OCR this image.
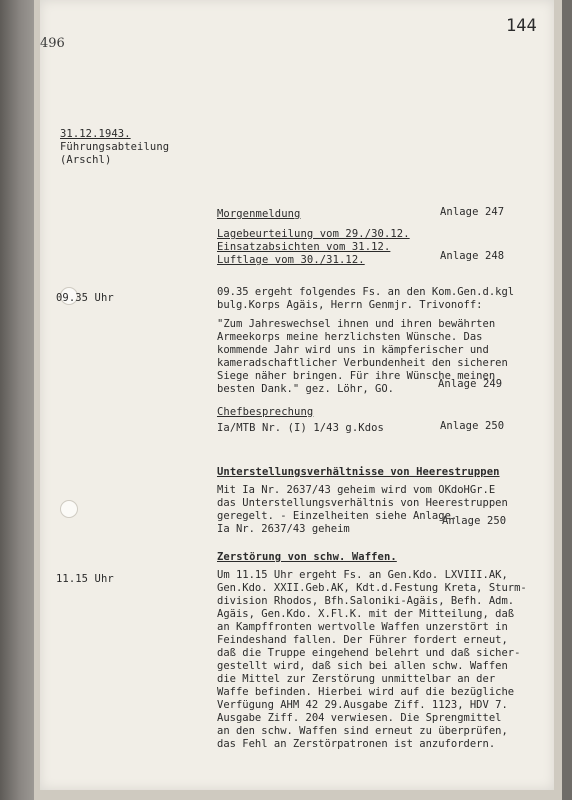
496
144
31.12.1943.
Führungsabteilung
(Arschl)
Morgenmeldung	Anlage 247
Lagebeurteilung vom 29./30.12.
Einsatzabsichten vom 31.12.
Luftlage vom 30./31.12.	Anlage 248
09.35 Uhr	09.35 ergeht folgendes Fs. an den Kom.Gen.d.kgl
bulg.Korps Agäis, Herrn Genmjr. Trivonoff:
"Zum Jahreswechsel ihnen und ihren bewährten
Armeekorps meine herzlichsten Wünsche. Das
kommende Jahr wird uns in kämpferischer und
kameradschaftlicher Verbundenheit den sicheren
Siege näher bringen. Für ihre Wünsche meinen
besten Dank." gez. Löhr, GO.	Anlage 249
Chefbesprechung
Ia/MTB Nr. (I) 1/43 g.Kdos	Anlage 250
Unterstellungsverhältnisse von Heerestruppen
Mit Ia Nr. 2637/43 geheim wird vom OKdoHGr.E
das Unterstellungsverhältnis von Heerestruppen
geregelt. - Einzelheiten siehe Anlage.
Ia Nr. 2637/43 geheim
Anlage 250
11.15 Uhr
Zerstörung von schw. Waffen.
Um 11.15 Uhr ergeht Fs. an Gen.Kdo. LXVIII.AK,
Gen.Kdo. XXII.Geb.AK, Kdt.d.Festung Kreta, Sturm-
division Rhodos, Bfh.Saloniki-Agäis, Befh. Adm.
Agäis, Gen.Kdo. X.Fl.K. mit der Mitteilung, daß
an Kampffronten wertvolle Waffen unzerstört in
Feindeshand fallen. Der Führer fordert erneut,
daß die Truppe eingehend belehrt und daß sicher-
gestellt wird, daß sich bei allen schw. Waffen
die Mittel zur Zerstörung unmittelbar an der
Waffe befinden. Hierbei wird auf die bezügliche
Verfügung AHM 42 29.Ausgabe Ziff. 1123, HDV 7.
Ausgabe Ziff. 204 verwiesen. Die Sprengmittel
an den schw. Waffen sind erneut zu überprüfen,
das Fehl an Zerstörpatronen ist anzufordern.
